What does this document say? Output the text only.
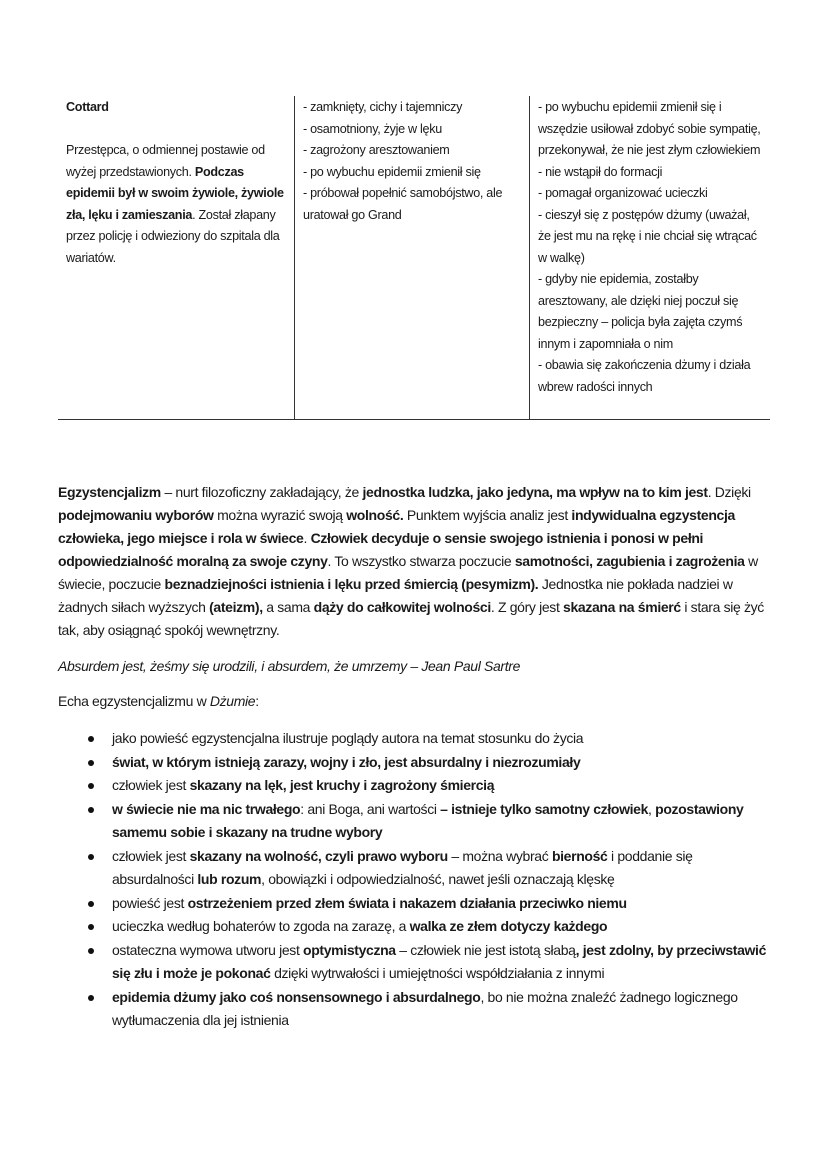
Cottard
Przestępca, o odmiennej postawie od wyżej przedstawionych. Podczas epidemii był w swoim żywiole, żywiole zła, lęku i zamieszania. Został złapany przez policję i odwieziony do szpitala dla wariatów.

- zamknięty, cichy i tajemniczy
- osamotniony, żyje w lęku
- zagrożony aresztowaniem
- po wybuchu epidemii zmienił się
- próbował popełnić samobójstwo, ale uratował go Grand

- po wybuchu epidemii zmienił się i wszędzie usiłował zdobyć sobie sympatię, przekonywał, że nie jest złym człowiekiem
- nie wstąpił do formacji
- pomagał organizować ucieczki
- cieszył się z postępów dżumy (uważał, że jest mu na rękę i nie chciał się wtrącać w walkę)
- gdyby nie epidemia, zostałby aresztowany, ale dzięki niej poczuł się bezpieczny – policja była zajęta czymś innym i zapomniała o nim
- obawia się zakończenia dżumy i działa wbrew radości innych

Egzystencjalizm – nurt filozoficzny zakładający, że jednostka ludzka, jako jedyna, ma wpływ na to kim jest. Dzięki podejmowaniu wyborów można wyrazić swoją wolność. Punktem wyjścia analiz jest indywidualna egzystencja człowieka, jego miejsce i rola w świece. Człowiek decyduje o sensie swojego istnienia i ponosi w pełni odpowiedzialność moralną za swoje czyny. To wszystko stwarza poczucie samotności, zagubienia i zagrożenia w świecie, poczucie beznadziejności istnienia i lęku przed śmiercią (pesymizm). Jednostka nie pokłada nadziei w żadnych siłach wyższych (ateizm), a sama dąży do całkowitej wolności. Z góry jest skazana na śmierć i stara się żyć tak, aby osiągnąć spokój wewnętrzny.

Absurdem jest, żeśmy się urodzili, i absurdem, że umrzemy – Jean Paul Sartre

Echa egzystencjalizmu w Dżumie:

jako powieść egzystencjalna ilustruje poglądy autora na temat stosunku do życia
świat, w którym istnieją zarazy, wojny i zło, jest absurdalny i niezrozumiały
człowiek jest skazany na lęk, jest kruchy i zagrożony śmiercią
w świecie nie ma nic trwałego: ani Boga, ani wartości – istnieje tylko samotny człowiek, pozostawiony samemu sobie i skazany na trudne wybory
człowiek jest skazany na wolność, czyli prawo wyboru – można wybrać bierność i poddanie się absurdalności lub rozum, obowiązki i odpowiedzialność, nawet jeśli oznaczają klęskę
powieść jest ostrzeżeniem przed złem świata i nakazem działania przeciwko niemu
ucieczka według bohaterów to zgoda na zarazę, a walka ze złem dotyczy każdego
ostateczna wymowa utworu jest optymistyczna – człowiek nie jest istotą słabą, jest zdolny, by przeciwstawić się złu i może je pokonać dzięki wytrwałości i umiejętności współdziałania z innymi
epidemia dżumy jako coś nonsensownego i absurdalnego, bo nie można znaleźć żadnego logicznego wytłumaczenia dla jej istnienia
